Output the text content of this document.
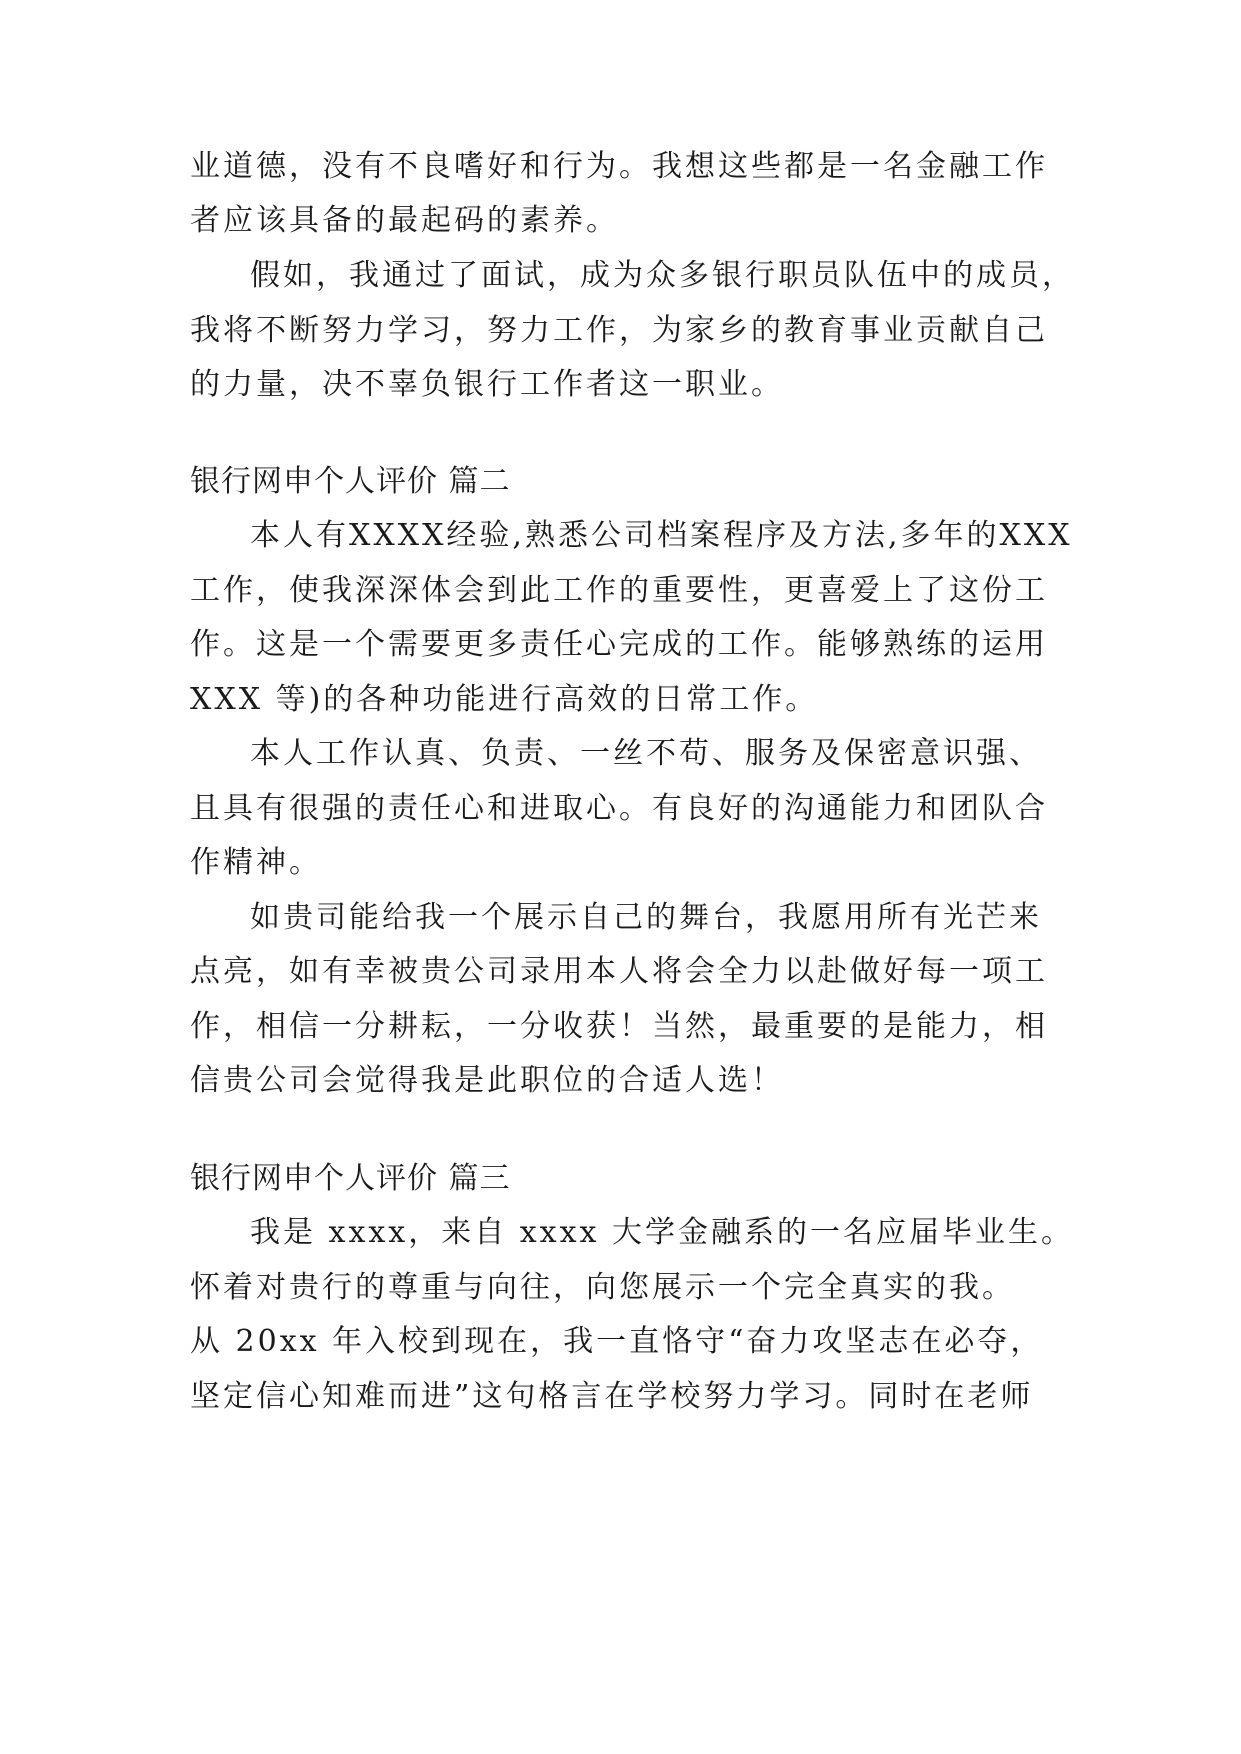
业道德，没有不良嗜好和行为。我想这些都是一名金融工作
者应该具备的最起码的素养。
假如，我通过了面试，成为众多银行职员队伍中的成员，
我将不断努力学习，努力工作，为家乡的教育事业贡献自己
的力量，决不辜负银行工作者这一职业。
银行网申个人评价 篇二
本人有XXXX经验,熟悉公司档案程序及方法,多年的XXX
工作，使我深深体会到此工作的重要性，更喜爱上了这份工
作。这是一个需要更多责任心完成的工作。能够熟练的运用
XXX 等)的各种功能进行高效的日常工作。
本人工作认真、负责、一丝不苟、服务及保密意识强、
且具有很强的责任心和进取心。有良好的沟通能力和团队合
作精神。
如贵司能给我一个展示自己的舞台，我愿用所有光芒来
点亮，如有幸被贵公司录用本人将会全力以赴做好每一项工
作，相信一分耕耘，一分收获！当然，最重要的是能力，相
信贵公司会觉得我是此职位的合适人选！
银行网申个人评价 篇三
我是 xxxx，来自 xxxx 大学金融系的一名应届毕业生。
怀着对贵行的尊重与向往，向您展示一个完全真实的我。
从 20xx 年入校到现在，我一直恪守“奋力攻坚志在必夺，
坚定信心知难而进”这句格言在学校努力学习。同时在老师
